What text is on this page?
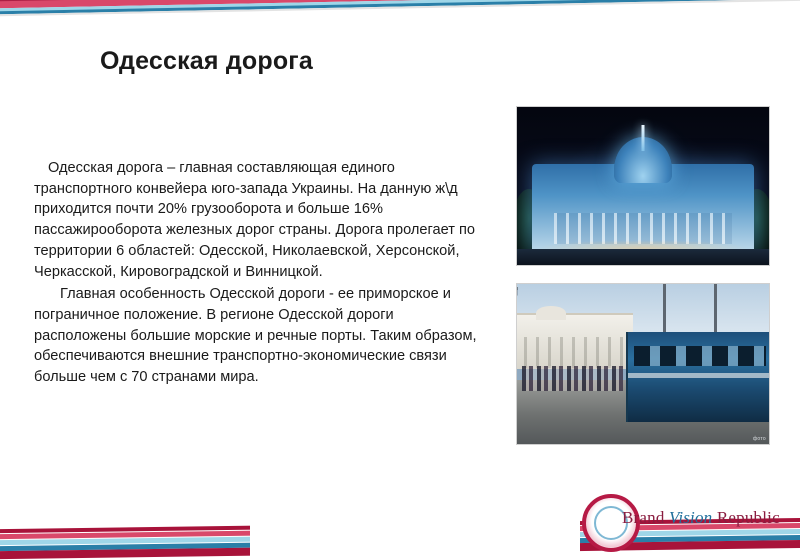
Одесская дорога

Одесская дорога – главная составляющая единого транспортного конвейера юго-запада Украины. На данную ж\д приходится почти 20% грузооборота и больше 16% пассажирооборота железных дорог страны. Дорога пролегает по территории 6 областей: Одесской, Николаевской, Херсонской, Черкасской, Кировоградской и Винницкой.

Главная особенность Одесской дороги - ее приморское и пограничное положение. В регионе Одесской дороги расположены большие морские и речные порты. Таким образом, обеспечиваются внешние транспортно-экономические связи больше чем с 70 странами мира.

фото
Brand Vision Republic
